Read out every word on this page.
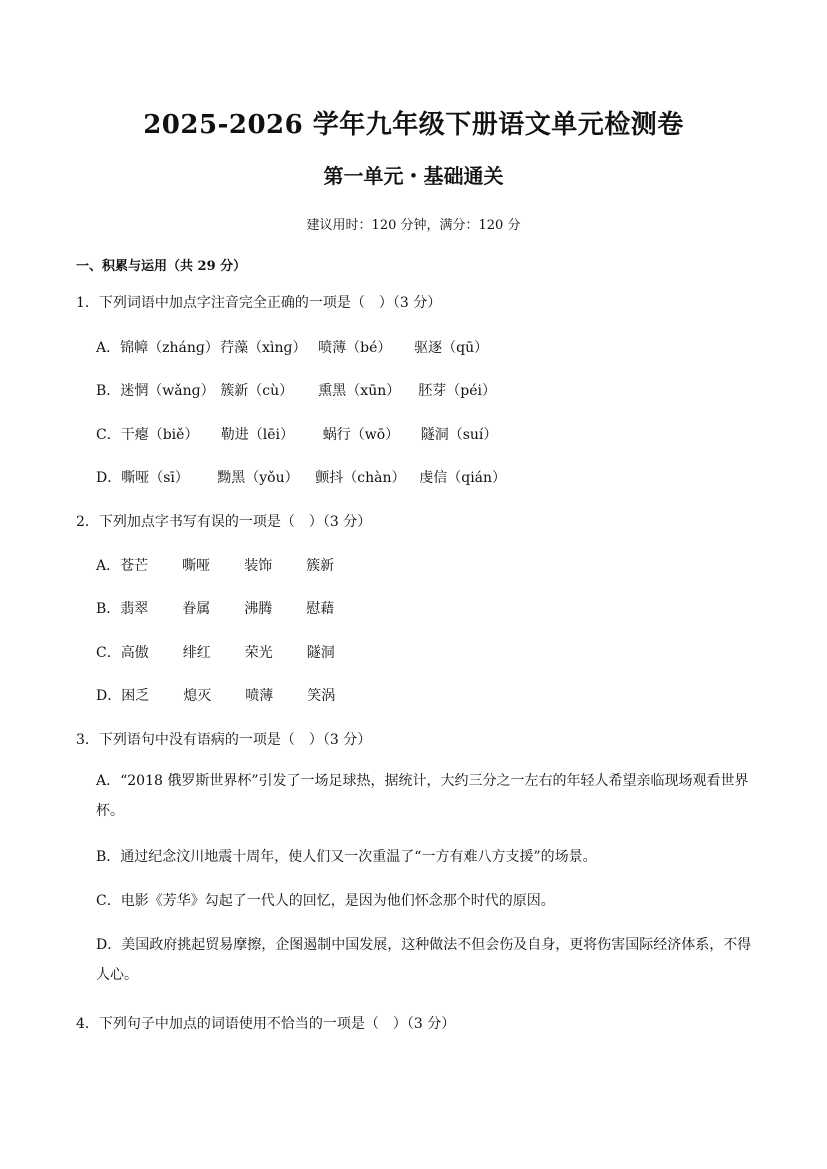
2025-2026 学年九年级下册语文单元检测卷
第一单元・基础通关
建议用时：120 分钟，满分：120 分
一、积累与运用（共 29 分）
1．下列词语中加点字注音完全正确的一项是（　）（3 分）
A．锦幛（zhánɡ）荇藻（xìnɡ） 喷薄（bé） 驱逐（qū）
B．迷惘（wǎnɡ） 簇新（cù） 熏黑（xūn） 胚芽（péi）
C．干瘪（biě） 勒进（lēi） 蜗行（wō） 隧洞（suí）
D．嘶哑（sī） 黝黑（yǒu） 颤抖（chàn） 虔信（qián）
2．下列加点字书写有误的一项是（　）（3 分）
A．苍芒 嘶哑 装饰 簇新
B．翡翠 眷属 沸腾 慰藉
C．高傲 绯红 荣光 隧洞
D．困乏 熄灭 喷薄 笑涡
3．下列语句中没有语病的一项是（　）（3 分）
A．“2018 俄罗斯世界杯”引发了一场足球热，据统计，大约三分之一左右的年轻人希望亲临现场观看世界杯。
B．通过纪念汶川地震十周年，使人们又一次重温了“一方有难八方支援”的场景。
C．电影《芳华》勾起了一代人的回忆，是因为他们怀念那个时代的原因。
D．美国政府挑起贸易摩擦，企图遏制中国发展，这种做法不但会伤及自身，更将伤害国际经济体系，不得人心。
4．下列句子中加点的词语使用不恰当的一项是（　）（3 分）
